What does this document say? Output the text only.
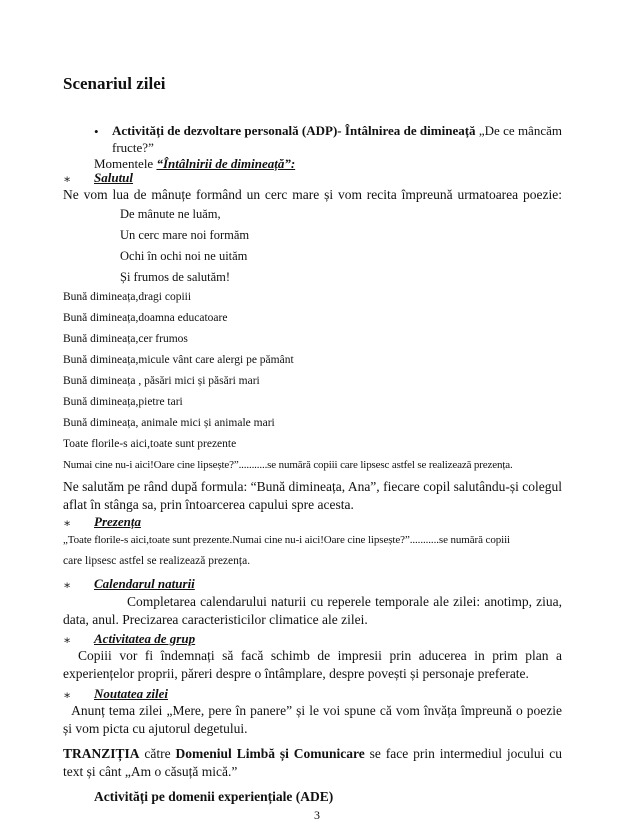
Scenariul zilei
• Activități de dezvoltare personală (ADP)- Întâlnirea de dimineață „De ce mâncăm
fructe?”
Momentele “Întâlnirii de dimineață”:
∗ Salutul
Ne vom lua de mânuțe formând un cerc mare și vom recita împreună urmatoarea poezie:
De mânute ne luăm,
Un cerc mare noi formăm
Ochi în ochi noi ne uităm
Și frumos de salutăm!
Bună dimineața,dragi copiii
Bună dimineața,doamna educatoare
Bună dimineața,cer frumos
Bună dimineața,micule vânt care alergi pe pământ
Bună dimineața , păsări mici și păsări mari
Bună dimineața,pietre tari
Bună dimineața, animale mici și animale mari
Toate florile-s aici,toate sunt prezente
Numai cine nu-i aici!Oare cine lipsește?”...........se numără copiii care lipsesc astfel se realizează prezența.
Ne salutăm pe rând după formula: “Bună dimineața, Ana”, fiecare copil salutându-și colegul aflat în stânga sa, prin întoarcerea capului spre acesta.
∗ Prezența
„Toate florile-s aici,toate sunt prezente.Numai cine nu-i aici!Oare cine lipsește?”...........se numără copiii
care lipsesc astfel se realizează prezența.
∗ Calendarul naturii
Completarea calendarului naturii cu reperele temporale ale zilei: anotimp, ziua, data, anul. Precizarea caracteristicilor climatice ale zilei.
∗ Activitatea de grup
Copiii vor fi îndemnați să facă schimb de impresii prin aducerea in prim plan a experiențelor proprii, păreri despre o întâmplare, despre povești și personaje preferate.
∗ Noutatea zilei
Anunț tema zilei „Mere, pere în panere” și le voi spune că vom învăța împreună o poezie și vom picta cu ajutorul degetului.
TRANZIȚIA către Domeniul Limbă și Comunicare se face prin intermediul jocului cu text și cânt „Am o căsuță mică.”
Activități pe domenii experiențiale (ADE)
3
